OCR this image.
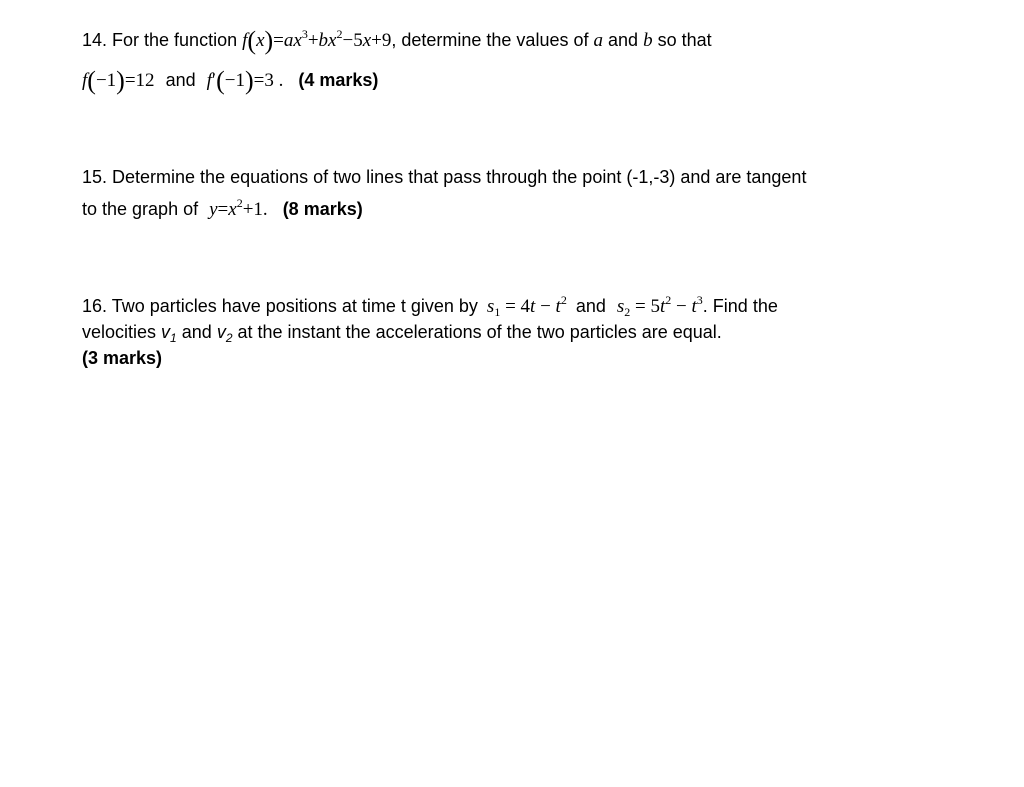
14. For the function $f(x)=ax^3+bx^2-5x+9$, determine the values of a and b so that
f(−1)=12 and f′(−1)=3 . (4 marks)
15. Determine the equations of two lines that pass through the point (-1,-3) and are tangent
to the graph of $y=x^2+1$. (8 marks)
16. Two particles have positions at time t given by $s_1 = 4t - t^2$ and $s_2 = 5t^2 - t^3$. Find the
velocities $v_1$ and $v_2$ at the instant the accelerations of the two particles are equal.
(3 marks)
